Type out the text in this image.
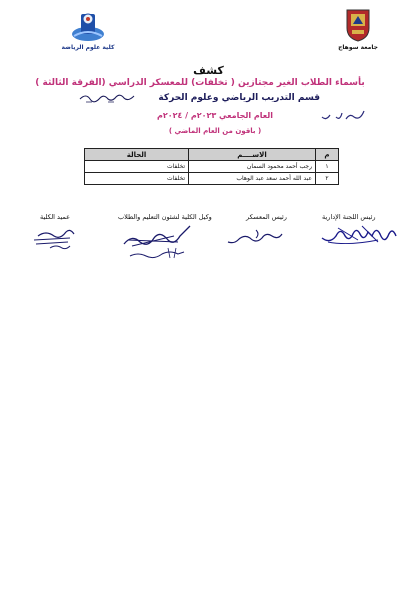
كلية علوم الرياضة	جامعة سوهاج
كشف
بأسماء الطلاب الغير مجتازين ( تخلفات) للمعسكر الدراسي (الفرقة الثالثة )
قسم التدريب الرياضي وعلوم الحركة
العام الجامعي ٢٠٢٣م / ٢٠٢٤م
( باقون من العام الماضي )
م	الاســــم	الحالة
١	رجب أحمد محمود السمان	تخلفات
٢	عبد الله أحمد سعد عبد الوهاب	تخلفات
رئيس اللجنة الإدارية
رئيس المعسكر
وكيل الكلية لشئون التعليم والطلاب
عميد الكلية
